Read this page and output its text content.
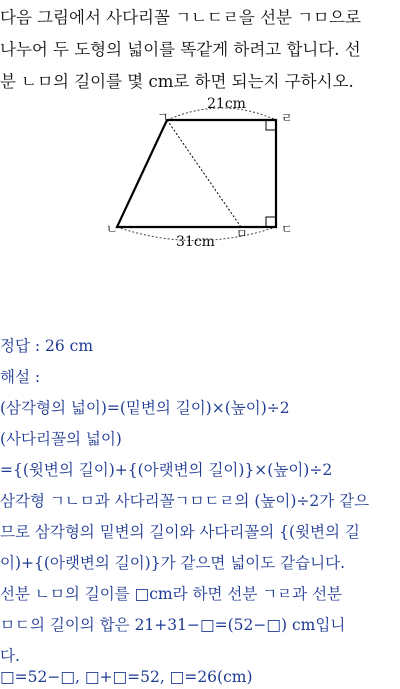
다음 그림에서 사다리꼴 ㄱㄴㄷㄹ을 선분 ㄱㅁ으로
나누어 두 도형의 넓이를 똑같게 하려고 합니다. 선
분 ㄴㅁ의 길이를 몇 cm로 하면 되는지 구하시오.
21cm
31cm
ㄱ	ㄹ
ㄴ	ㄷ
ㅁ
정답 : 26 cm
해설 :
(삼각형의 넓이)=(밑변의 길이)×(높이)÷2
(사다리꼴의 넓이)
={(윗변의 길이)+{(아랫변의 길이)}×(높이)÷2
삼각형 ㄱㄴㅁ과 사다리꼴ㄱㅁㄷㄹ의 (높이)÷2가 같으
므로 삼각형의 밑변의 길이와 사다리꼴의 {(윗변의 길
이)+{(아랫변의 길이)}가 같으면 넓이도 같습니다.
선분 ㄴㅁ의 길이를 □cm라 하면 선분 ㄱㄹ과 선분
ㅁㄷ의 길이의 합은 21+31−□=(52−□) cm입니
다.
□=52−□, □+□=52, □=26(cm)
